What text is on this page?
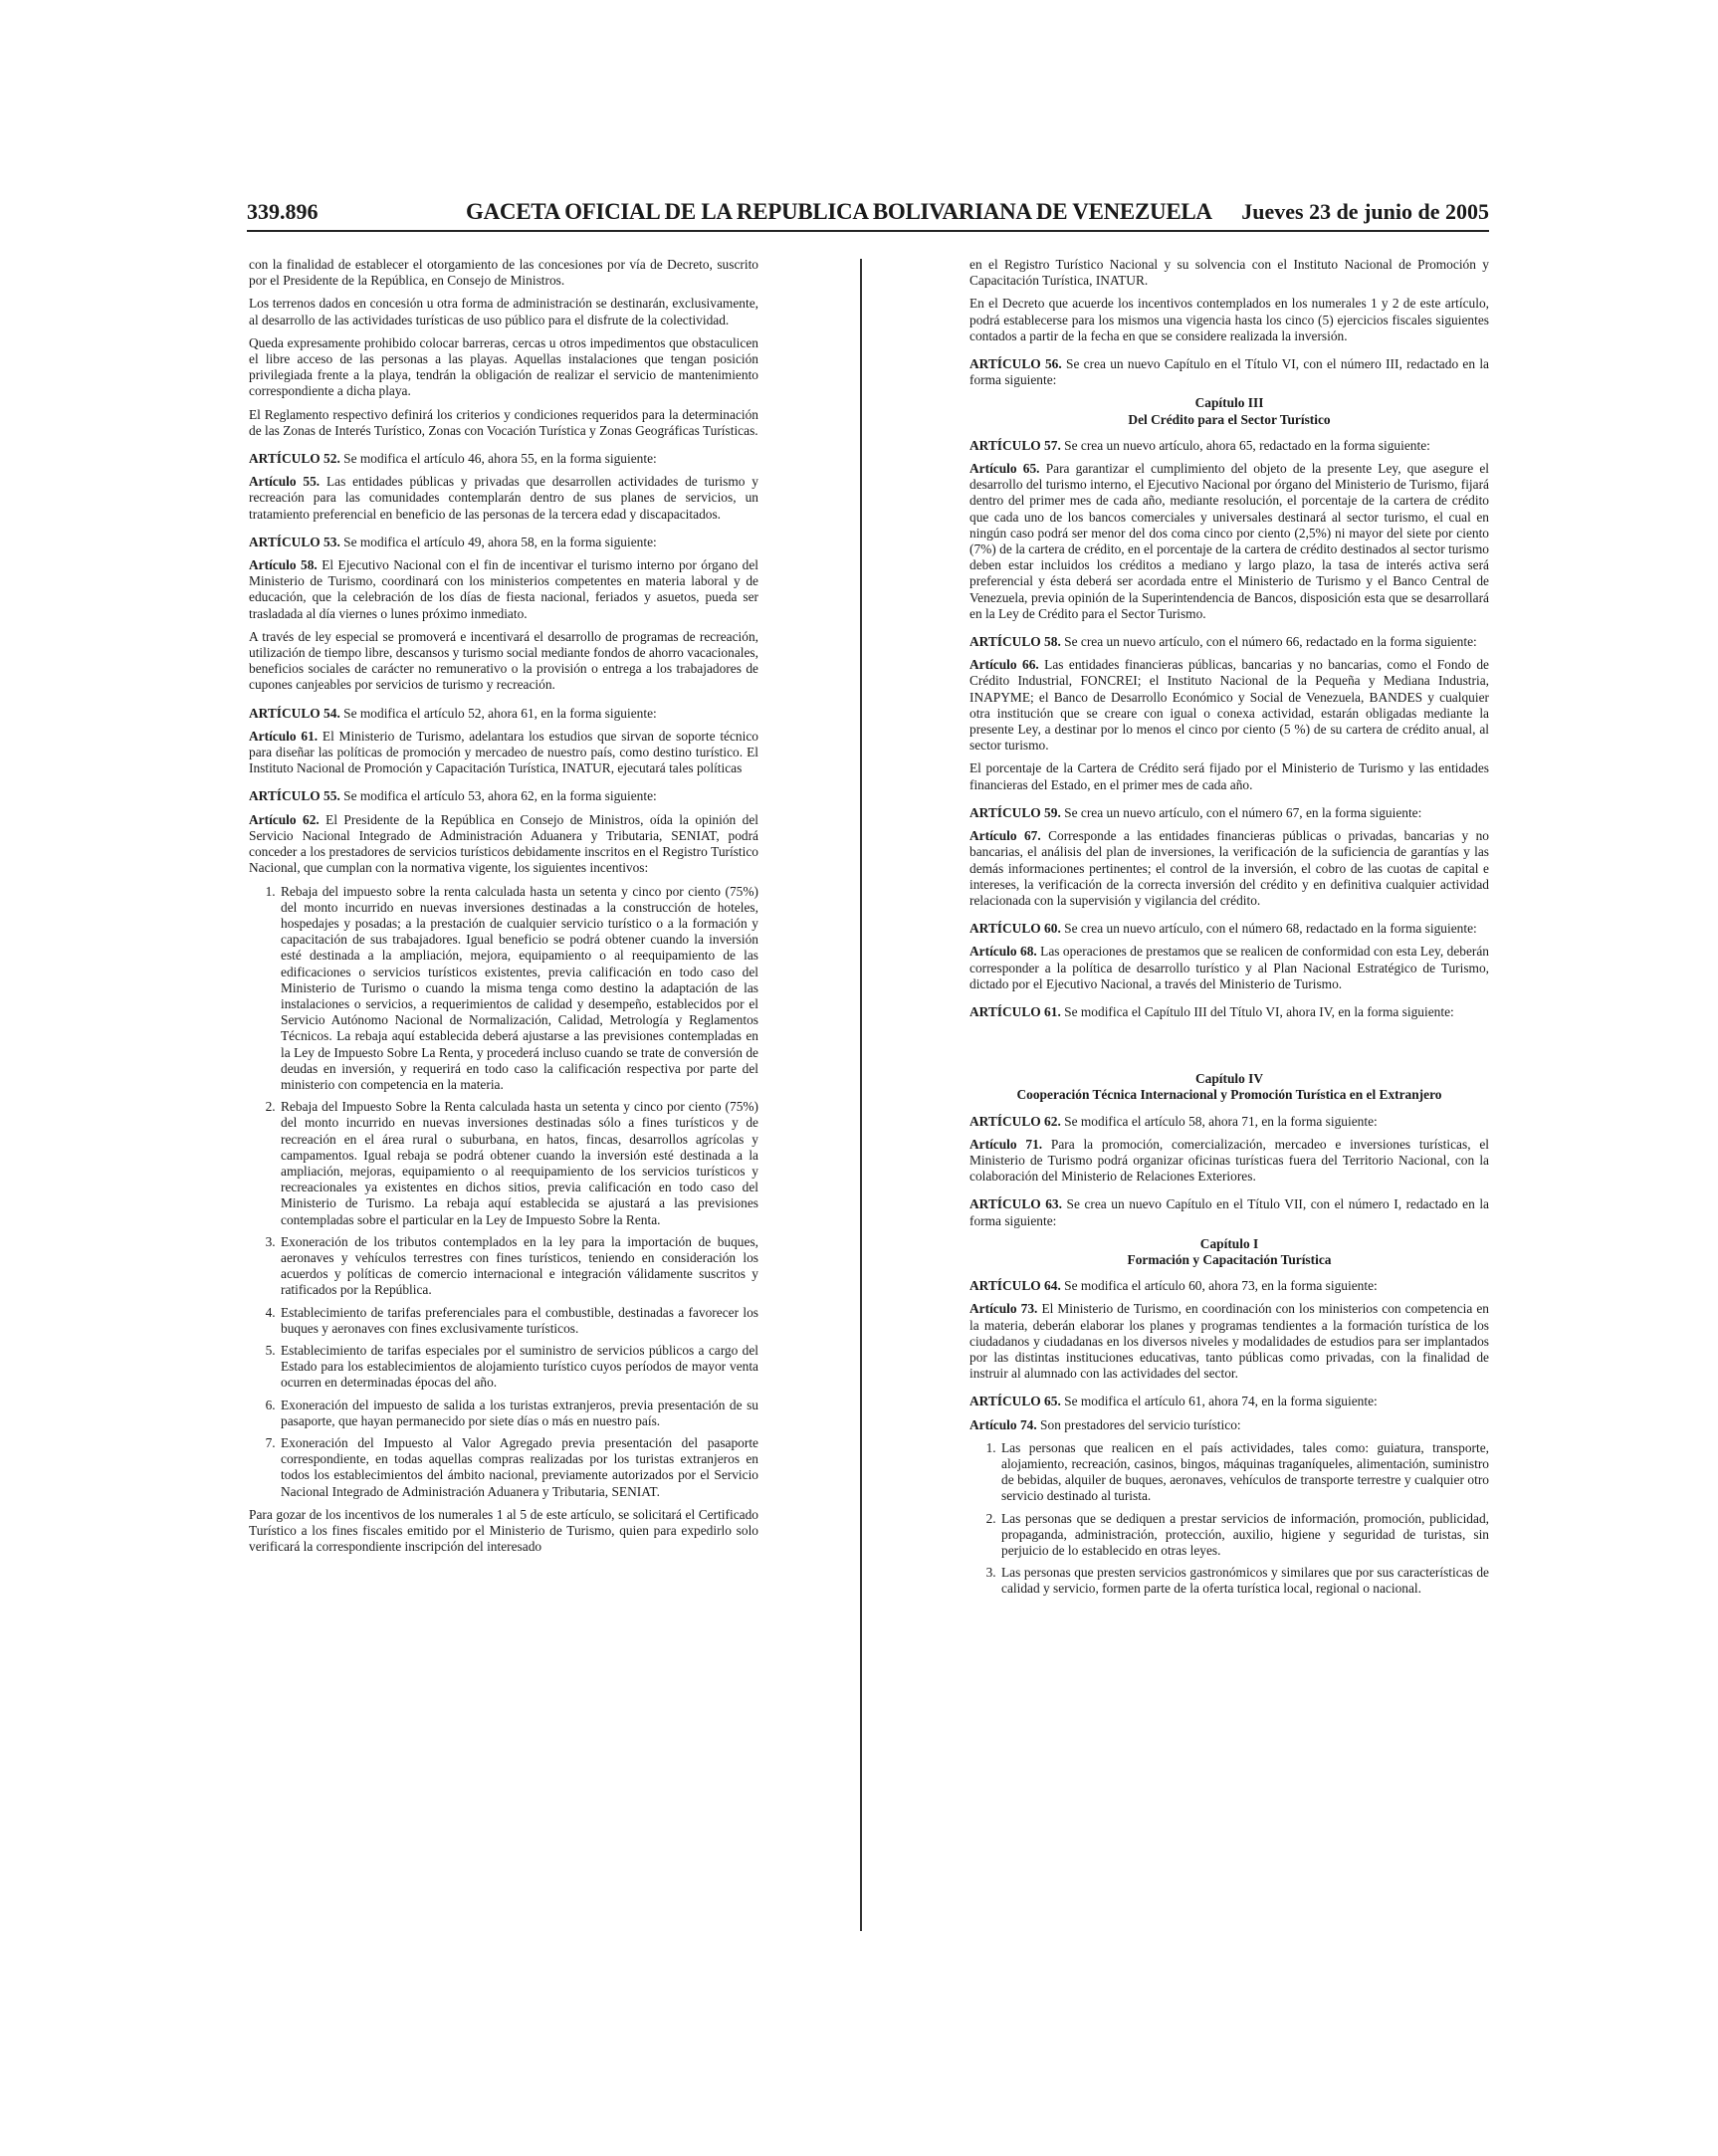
339.896	GACETA OFICIAL DE LA REPUBLICA BOLIVARIANA DE VENEZUELA Jueves 23 de junio de 2005

con la finalidad de establecer el otorgamiento de las concesiones por vía de Decreto, suscrito por el Presidente de la República, en Consejo de Ministros.

Los terrenos dados en concesión u otra forma de administración se destinarán, exclusivamente, al desarrollo de las actividades turísticas de uso público para el disfrute de la colectividad.

Queda expresamente prohibido colocar barreras, cercas u otros impedimentos que obstaculicen el libre acceso de las personas a las playas. Aquellas instalaciones que tengan posición privilegiada frente a la playa, tendrán la obligación de realizar el servicio de mantenimiento correspondiente a dicha playa.

El Reglamento respectivo definirá los criterios y condiciones requeridos para la determinación de las Zonas de Interés Turístico, Zonas con Vocación Turística y Zonas Geográficas Turísticas.

ARTÍCULO 52. Se modifica el artículo 46, ahora 55, en la forma siguiente:

Artículo 55. Las entidades públicas y privadas que desarrollen actividades de turismo y recreación para las comunidades contemplarán dentro de sus planes de servicios, un tratamiento preferencial en beneficio de las personas de la tercera edad y discapacitados.

ARTÍCULO 53. Se modifica el artículo 49, ahora 58, en la forma siguiente:

Artículo 58. El Ejecutivo Nacional con el fin de incentivar el turismo interno por órgano del Ministerio de Turismo, coordinará con los ministerios competentes en materia laboral y de educación, que la celebración de los días de fiesta nacional, feriados y asuetos, pueda ser trasladada al día viernes o lunes próximo inmediato.

A través de ley especial se promoverá e incentivará el desarrollo de programas de recreación, utilización de tiempo libre, descansos y turismo social mediante fondos de ahorro vacacionales, beneficios sociales de carácter no remunerativo o la provisión o entrega a los trabajadores de cupones canjeables por servicios de turismo y recreación.

ARTÍCULO 54. Se modifica el artículo 52, ahora 61, en la forma siguiente:

Artículo 61. El Ministerio de Turismo, adelantara los estudios que sirvan de soporte técnico para diseñar las políticas de promoción y mercadeo de nuestro país, como destino turístico. El Instituto Nacional de Promoción y Capacitación Turística, INATUR, ejecutará tales políticas

ARTÍCULO 55. Se modifica el artículo 53, ahora 62, en la forma siguiente:

Artículo 62. El Presidente de la República en Consejo de Ministros, oída la opinión del Servicio Nacional Integrado de Administración Aduanera y Tributaria, SENIAT, podrá conceder a los prestadores de servicios turísticos debidamente inscritos en el Registro Turístico Nacional, que cumplan con la normativa vigente, los siguientes incentivos:

1. Rebaja del impuesto sobre la renta calculada hasta un setenta y cinco por ciento (75%) del monto incurrido en nuevas inversiones destinadas a la construcción de hoteles, hospedajes y posadas; a la prestación de cualquier servicio turístico o a la formación y capacitación de sus trabajadores. Igual beneficio se podrá obtener cuando la inversión esté destinada a la ampliación, mejora, equipamiento o al reequipamiento de las edificaciones o servicios turísticos existentes, previa calificación en todo caso del Ministerio de Turismo o cuando la misma tenga como destino la adaptación de las instalaciones o servicios, a requerimientos de calidad y desempeño, establecidos por el Servicio Autónomo Nacional de Normalización, Calidad, Metrología y Reglamentos Técnicos. La rebaja aquí establecida deberá ajustarse a las previsiones contempladas en la Ley de Impuesto Sobre La Renta, y procederá incluso cuando se trate de conversión de deudas en inversión, y requerirá en todo caso la calificación respectiva por parte del ministerio con competencia en la materia.
2. Rebaja del Impuesto Sobre la Renta calculada hasta un setenta y cinco por ciento (75%) del monto incurrido en nuevas inversiones destinadas sólo a fines turísticos y de recreación en el área rural o suburbana, en hatos, fincas, desarrollos agrícolas y campamentos. Igual rebaja se podrá obtener cuando la inversión esté destinada a la ampliación, mejoras, equipamiento o al reequipamiento de los servicios turísticos y recreacionales ya existentes en dichos sitios, previa calificación en todo caso del Ministerio de Turismo. La rebaja aquí establecida se ajustará a las previsiones contempladas sobre el particular en la Ley de Impuesto Sobre la Renta.
3. Exoneración de los tributos contemplados en la ley para la importación de buques, aeronaves y vehículos terrestres con fines turísticos, teniendo en consideración los acuerdos y políticas de comercio internacional e integración válidamente suscritos y ratificados por la República.
4. Establecimiento de tarifas preferenciales para el combustible, destinadas a favorecer los buques y aeronaves con fines exclusivamente turísticos.
5. Establecimiento de tarifas especiales por el suministro de servicios públicos a cargo del Estado para los establecimientos de alojamiento turístico cuyos períodos de mayor venta ocurren en determinadas épocas del año.
6. Exoneración del impuesto de salida a los turistas extranjeros, previa presentación de su pasaporte, que hayan permanecido por siete días o más en nuestro país.
7. Exoneración del Impuesto al Valor Agregado previa presentación del pasaporte correspondiente, en todas aquellas compras realizadas por los turistas extranjeros en todos los establecimientos del ámbito nacional, previamente autorizados por el Servicio Nacional Integrado de Administración Aduanera y Tributaria, SENIAT.

Para gozar de los incentivos de los numerales 1 al 5 de este artículo, se solicitará el Certificado Turístico a los fines fiscales emitido por el Ministerio de Turismo, quien para expedirlo solo verificará la correspondiente inscripción del interesado

en el Registro Turístico Nacional y su solvencia con el Instituto Nacional de Promoción y Capacitación Turística, INATUR.

En el Decreto que acuerde los incentivos contemplados en los numerales 1 y 2 de este artículo, podrá establecerse para los mismos una vigencia hasta los cinco (5) ejercicios fiscales siguientes contados a partir de la fecha en que se considere realizada la inversión.

ARTÍCULO 56. Se crea un nuevo Capítulo en el Título VI, con el número III, redactado en la forma siguiente:

Capítulo III
Del Crédito para el Sector Turístico

ARTÍCULO 57. Se crea un nuevo artículo, ahora 65, redactado en la forma siguiente:

Artículo 65. Para garantizar el cumplimiento del objeto de la presente Ley, que asegure el desarrollo del turismo interno, el Ejecutivo Nacional por órgano del Ministerio de Turismo, fijará dentro del primer mes de cada año, mediante resolución, el porcentaje de la cartera de crédito que cada uno de los bancos comerciales y universales destinará al sector turismo, el cual en ningún caso podrá ser menor del dos coma cinco por ciento (2,5%) ni mayor del siete por ciento (7%) de la cartera de crédito, en el porcentaje de la cartera de crédito destinados al sector turismo deben estar incluidos los créditos a mediano y largo plazo, la tasa de interés activa será preferencial y ésta deberá ser acordada entre el Ministerio de Turismo y el Banco Central de Venezuela, previa opinión de la Superintendencia de Bancos, disposición esta que se desarrollará en la Ley de Crédito para el Sector Turismo.

ARTÍCULO 58. Se crea un nuevo artículo, con el número 66, redactado en la forma siguiente:

Artículo 66. Las entidades financieras públicas, bancarias y no bancarias, como el Fondo de Crédito Industrial, FONCREI; el Instituto Nacional de la Pequeña y Mediana Industria, INAPYME; el Banco de Desarrollo Económico y Social de Venezuela, BANDES y cualquier otra institución que se creare con igual o conexa actividad, estarán obligadas mediante la presente Ley, a destinar por lo menos el cinco por ciento (5 %) de su cartera de crédito anual, al sector turismo.

El porcentaje de la Cartera de Crédito será fijado por el Ministerio de Turismo y las entidades financieras del Estado, en el primer mes de cada año.

ARTÍCULO 59. Se crea un nuevo artículo, con el número 67, en la forma siguiente:

Artículo 67. Corresponde a las entidades financieras públicas o privadas, bancarias y no bancarias, el análisis del plan de inversiones, la verificación de la suficiencia de garantías y las demás informaciones pertinentes; el control de la inversión, el cobro de las cuotas de capital e intereses, la verificación de la correcta inversión del crédito y en definitiva cualquier actividad relacionada con la supervisión y vigilancia del crédito.

ARTÍCULO 60. Se crea un nuevo artículo, con el número 68, redactado en la forma siguiente:

Artículo 68. Las operaciones de prestamos que se realicen de conformidad con esta Ley, deberán corresponder a la política de desarrollo turístico y al Plan Nacional Estratégico de Turismo, dictado por el Ejecutivo Nacional, a través del Ministerio de Turismo.

ARTÍCULO 61. Se modifica el Capítulo III del Título VI, ahora IV, en la forma siguiente:

Capítulo IV
Cooperación Técnica Internacional y Promoción Turística en el Extranjero

ARTÍCULO 62. Se modifica el artículo 58, ahora 71, en la forma siguiente:

Artículo 71. Para la promoción, comercialización, mercadeo e inversiones turísticas, el Ministerio de Turismo podrá organizar oficinas turísticas fuera del Territorio Nacional, con la colaboración del Ministerio de Relaciones Exteriores.

ARTÍCULO 63. Se crea un nuevo Capítulo en el Título VII, con el número I, redactado en la forma siguiente:

Capítulo I
Formación y Capacitación Turística

ARTÍCULO 64. Se modifica el artículo 60, ahora 73, en la forma siguiente:

Artículo 73. El Ministerio de Turismo, en coordinación con los ministerios con competencia en la materia, deberán elaborar los planes y programas tendientes a la formación turística de los ciudadanos y ciudadanas en los diversos niveles y modalidades de estudios para ser implantados por las distintas instituciones educativas, tanto públicas como privadas, con la finalidad de instruir al alumnado con las actividades del sector.

ARTÍCULO 65. Se modifica el artículo 61, ahora 74, en la forma siguiente:

Artículo 74. Son prestadores del servicio turístico:

1. Las personas que realicen en el país actividades, tales como: guiatura, transporte, alojamiento, recreación, casinos, bingos, máquinas traganíqueles, alimentación, suministro de bebidas, alquiler de buques, aeronaves, vehículos de transporte terrestre y cualquier otro servicio destinado al turista.
2. Las personas que se dediquen a prestar servicios de información, promoción, publicidad, propaganda, administración, protección, auxilio, higiene y seguridad de turistas, sin perjuicio de lo establecido en otras leyes.
3. Las personas que presten servicios gastronómicos y similares que por sus características de calidad y servicio, formen parte de la oferta turística local, regional o nacional.
